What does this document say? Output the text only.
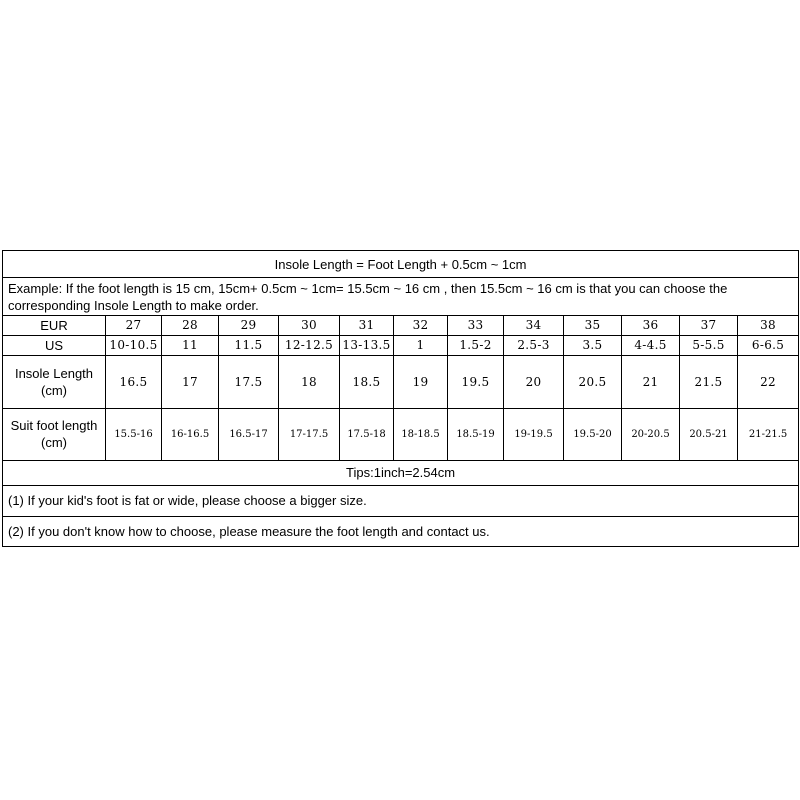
Insole Length = Foot Length + 0.5cm ~ 1cm												
Example: If the foot length is 15 cm, 15cm+ 0.5cm ~ 1cm= 15.5cm ~ 16 cm , then 15.5cm ~ 16 cm is that you can choose the corresponding Insole Length to make order.												
EUR	27	28	29	30	31	32	33	34	35	36	37	38
US	10-10.5	11	11.5	12-12.5	13-13.5	1	1.5-2	2.5-3	3.5	4-4.5	5-5.5	6-6.5
Insole Length (cm)	16.5	17	17.5	18	18.5	19	19.5	20	20.5	21	21.5	22
Suit foot length (cm)	15.5-16	16-16.5	16.5-17	17-17.5	17.5-18	18-18.5	18.5-19	19-19.5	19.5-20	20-20.5	20.5-21	21-21.5
Tips:1inch=2.54cm												
(1) If your kid's foot is fat or wide, please choose a bigger size.												
(2) If you don't know how to choose, please measure the foot length and contact us.												
